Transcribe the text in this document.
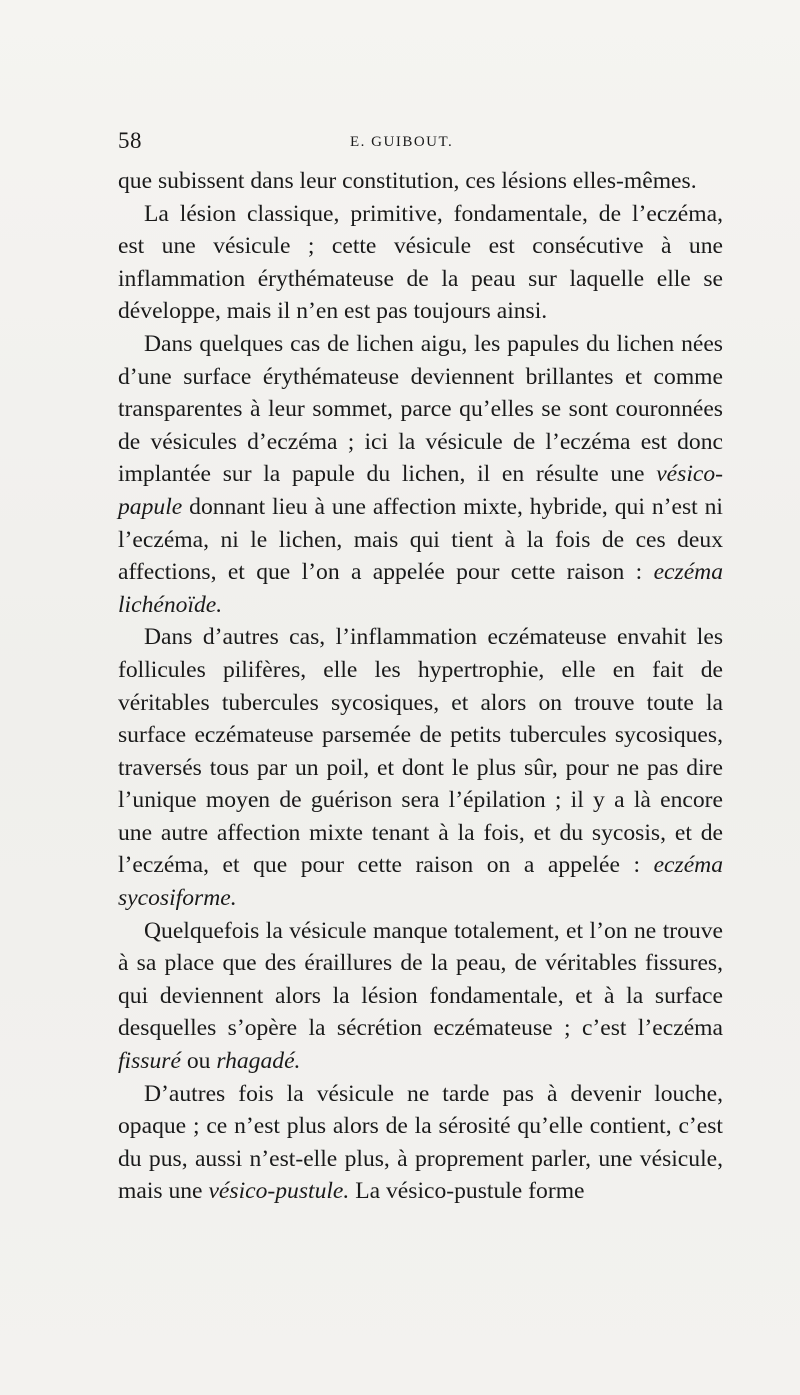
58	E. GUIBOUT.

que subissent dans leur constitution, ces lésions elles-mêmes.

La lésion classique, primitive, fondamentale, de l’eczéma, est une vésicule ; cette vésicule est consécutive à une inflammation érythémateuse de la peau sur laquelle elle se développe, mais il n’en est pas toujours ainsi.

Dans quelques cas de lichen aigu, les papules du lichen nées d’une surface érythémateuse deviennent brillantes et comme transparentes à leur sommet, parce qu’elles se sont couronnées de vésicules d’eczéma ; ici la vésicule de l’eczéma est donc implantée sur la papule du lichen, il en résulte une vésico-papule donnant lieu à une affection mixte, hybride, qui n’est ni l’eczéma, ni le lichen, mais qui tient à la fois de ces deux affections, et que l’on a appelée pour cette raison : eczéma lichénoïde.

Dans d’autres cas, l’inflammation eczémateuse envahit les follicules pilifères, elle les hypertrophie, elle en fait de véritables tubercules sycosiques, et alors on trouve toute la surface eczémateuse parsemée de petits tubercules sycosiques, traversés tous par un poil, et dont le plus sûr, pour ne pas dire l’unique moyen de guérison sera l’épilation ; il y a là encore une autre affection mixte tenant à la fois, et du sycosis, et de l’eczéma, et que pour cette raison on a appelée : eczéma sycosiforme.

Quelquefois la vésicule manque totalement, et l’on ne trouve à sa place que des éraillures de la peau, de véritables fissures, qui deviennent alors la lésion fondamentale, et à la surface desquelles s’opère la sécrétion eczémateuse ; c’est l’eczéma fissuré ou rhagadé.

D’autres fois la vésicule ne tarde pas à devenir louche, opaque ; ce n’est plus alors de la sérosité qu’elle contient, c’est du pus, aussi n’est-elle plus, à proprement parler, une vésicule, mais une vésico-pustule. La vésico-pustule forme
